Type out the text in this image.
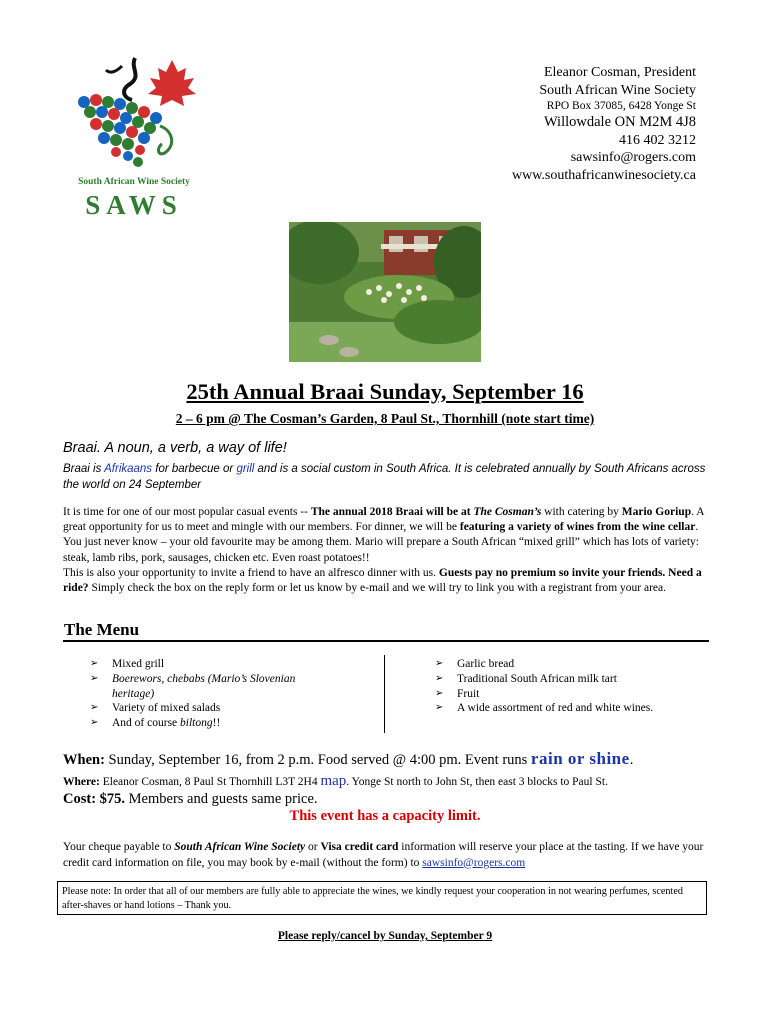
South African Wine Society
SAWS
Eleanor Cosman, President
South African Wine Society
RPO Box 37085, 6428 Yonge St
Willowdale ON M2M 4J8
416 402 3212
sawsinfo@rogers.com
www.southafricanwinesociety.ca
25th Annual Braai Sunday, September 16
2 – 6 pm @ The Cosman’s Garden, 8 Paul St., Thornhill (note start time)
Braai. A noun, a verb, a way of life!
Braai is Afrikaans for barbecue or grill and is a social custom in South Africa. It is celebrated annually by South Africans across the world on 24 September

It is time for one of our most popular casual events -- The annual 2018 Braai will be at The Cosman’s with catering by Mario Goriup. A great opportunity for us to meet and mingle with our members. For dinner, we will be featuring a variety of wines from the wine cellar. You just never know – your old favourite may be among them. Mario will prepare a South African “mixed grill” which has lots of variety: steak, lamb ribs, pork, sausages, chicken etc. Even roast potatoes!!

This is also your opportunity to invite a friend to have an alfresco dinner with us. Guests pay no premium so invite your friends. Need a ride? Simply check the box on the reply form or let us know by e-mail and we will try to link you with a registrant from your area.

The Menu
➢ Mixed grill
➢ Boerewors, chebabs (Mario’s Slovenian heritage)
➢ Variety of mixed salads
➢ And of course biltong!!
➢ Garlic bread
➢ Traditional South African milk tart
➢ Fruit
➢ A wide assortment of red and white wines.
When: Sunday, September 16, from 2 p.m. Food served @ 4:00 pm. Event runs rain or shine.
Where: Eleanor Cosman, 8 Paul St Thornhill L3T 2H4 map. Yonge St north to John St, then east 3 blocks to Paul St.
Cost: $75. Members and guests same price.
This event has a capacity limit.
Your cheque payable to South African Wine Society or Visa credit card information will reserve your place at the tasting. If we have your credit card information on file, you may book by e-mail (without the form) to sawsinfo@rogers.com
Please note: In order that all of our members are fully able to appreciate the wines, we kindly request your cooperation in not wearing perfumes, scented after-shaves or hand lotions – Thank you.
Please reply/cancel by Sunday, September 9
